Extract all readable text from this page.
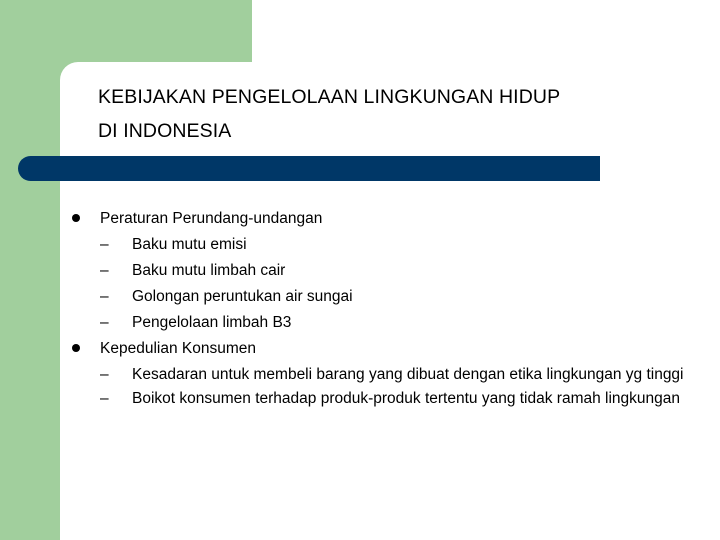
KEBIJAKAN PENGELOLAAN LINGKUNGAN HIDUP
DI INDONESIA
Peraturan Perundang-undangan
– Baku mutu emisi
– Baku mutu limbah cair
– Golongan peruntukan air sungai
– Pengelolaan limbah B3
Kepedulian Konsumen
– Kesadaran untuk membeli barang yang dibuat dengan etika lingkungan yg tinggi
– Boikot konsumen terhadap produk-produk tertentu yang tidak ramah lingkungan
